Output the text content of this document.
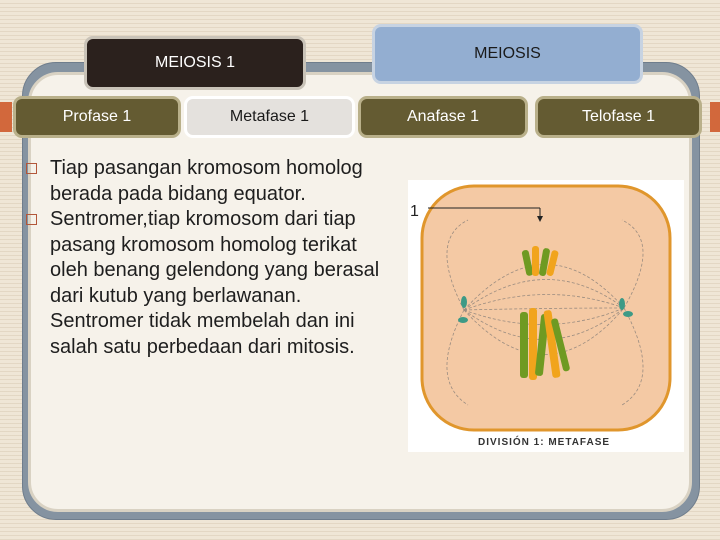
MEIOSIS 1
MEIOSIS
Profase 1	Metafase 1	Anafase 1	Telofase 1
Tiap pasangan kromosom homolog berada pada bidang equator.
Sentromer,tiap kromosom dari tiap pasang kromosom homolog terikat oleh benang gelendong yang berasal dari kutub yang berlawanan. Sentromer tidak membelah dan ini salah satu perbedaan dari mitosis.
1
DIVISIÓN 1: METAFASE
